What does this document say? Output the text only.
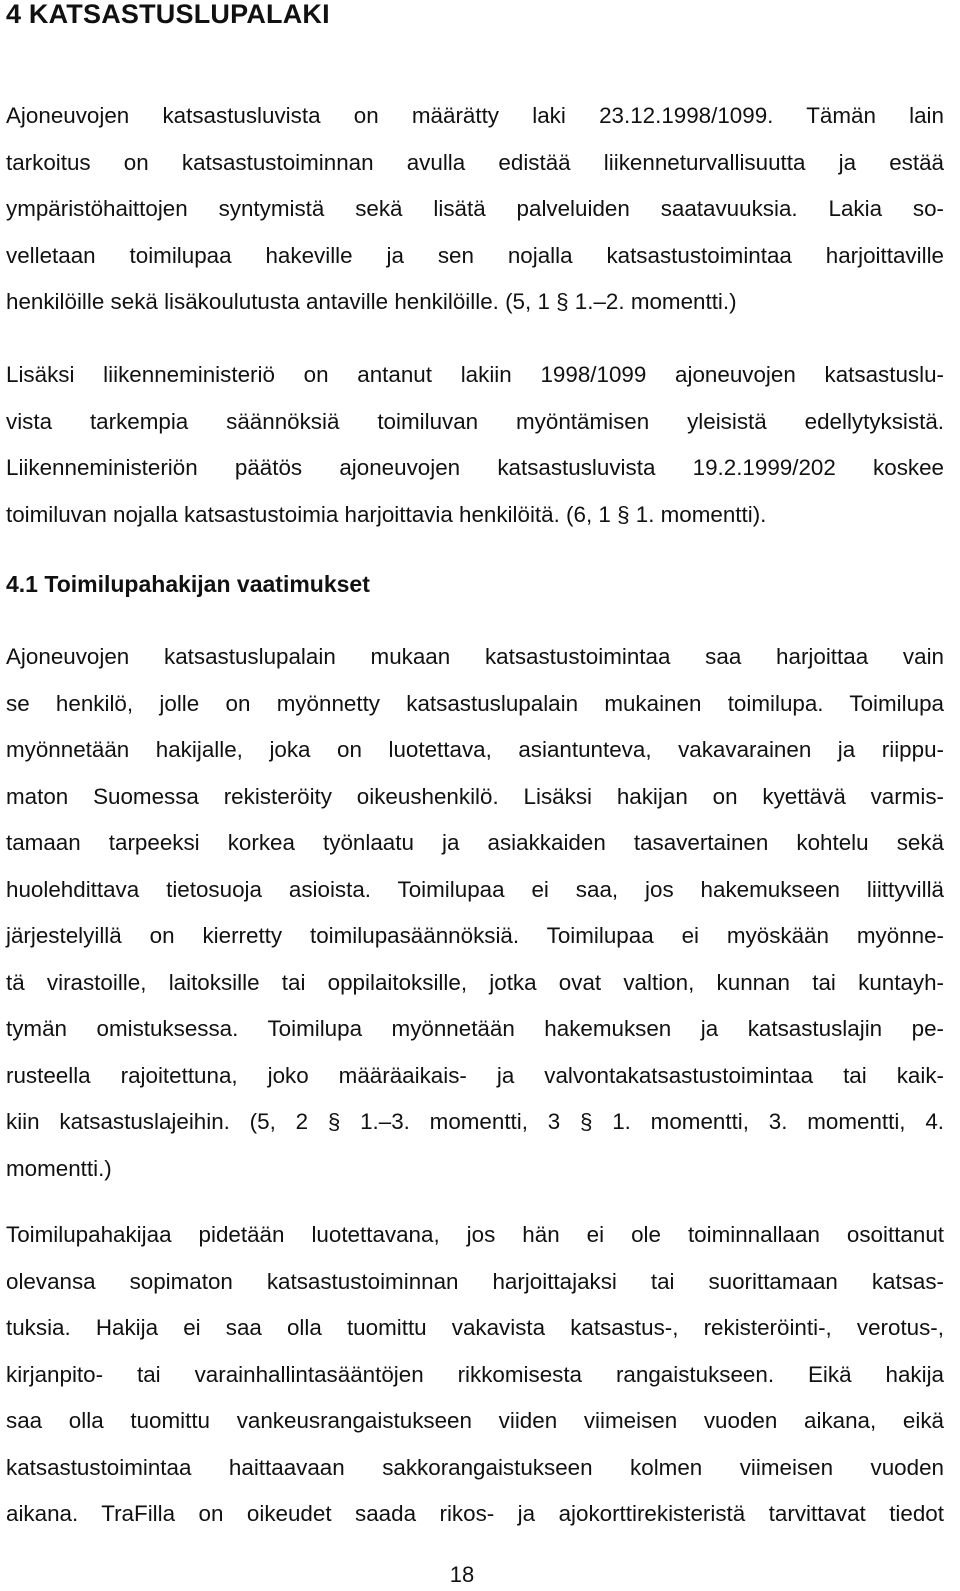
4 KATSASTUSLUPALAKI
Ajoneuvojen katsastusluvista on määrätty laki 23.12.1998/1099. Tämän lain
tarkoitus on katsastustoiminnan avulla edistää liikenneturvallisuutta ja estää
ympäristöhaittojen syntymistä sekä lisätä palveluiden saatavuuksia. Lakia so-
velletaan toimilupaa hakeville ja sen nojalla katsastustoimintaa harjoittaville
henkilöille sekä lisäkoulutusta antaville henkilöille. (5, 1 § 1.–2. momentti.)
Lisäksi liikenneministeriö on antanut lakiin 1998/1099 ajoneuvojen katsastuslu-
vista tarkempia säännöksiä toimiluvan myöntämisen yleisistä edellytyksistä.
Liikenneministeriön päätös ajoneuvojen katsastusluvista 19.2.1999/202 koskee
toimiluvan nojalla katsastustoimia harjoittavia henkilöitä. (6, 1 § 1. momentti).
4.1 Toimilupahakijan vaatimukset
Ajoneuvojen katsastuslupalain mukaan katsastustoimintaa saa harjoittaa vain
se henkilö, jolle on myönnetty katsastuslupalain mukainen toimilupa. Toimilupa
myönnetään hakijalle, joka on luotettava, asiantunteva, vakavarainen ja riippu-
maton Suomessa rekisteröity oikeushenkilö. Lisäksi hakijan on kyettävä varmis-
tamaan tarpeeksi korkea työnlaatu ja asiakkaiden tasavertainen kohtelu sekä
huolehdittava tietosuoja asioista. Toimilupaa ei saa, jos hakemukseen liittyvillä
järjestelyillä on kierretty toimilupasäännöksiä. Toimilupaa ei myöskään myönne-
tä virastoille, laitoksille tai oppilaitoksille, jotka ovat valtion, kunnan tai kuntayh-
tymän omistuksessa. Toimilupa myönnetään hakemuksen ja katsastuslajin pe-
rusteella rajoitettuna, joko määräaikais- ja valvontakatsastustoimintaa tai kaik-
kiin katsastuslajeihin. (5, 2 § 1.–3. momentti, 3 § 1. momentti, 3. momentti, 4.
momentti.)
Toimilupahakijaa pidetään luotettavana, jos hän ei ole toiminnallaan osoittanut
olevansa sopimaton katsastustoiminnan harjoittajaksi tai suorittamaan katsas-
tuksia. Hakija ei saa olla tuomittu vakavista katsastus-, rekisteröinti-, verotus-,
kirjanpito- tai varainhallintasääntöjen rikkomisesta rangaistukseen. Eikä hakija
saa olla tuomittu vankeusrangaistukseen viiden viimeisen vuoden aikana, eikä
katsastustoimintaa haittaavaan sakkorangaistukseen kolmen viimeisen vuoden
aikana. TraFilla on oikeudet saada rikos- ja ajokorttirekisteristä tarvittavat tiedot
18
